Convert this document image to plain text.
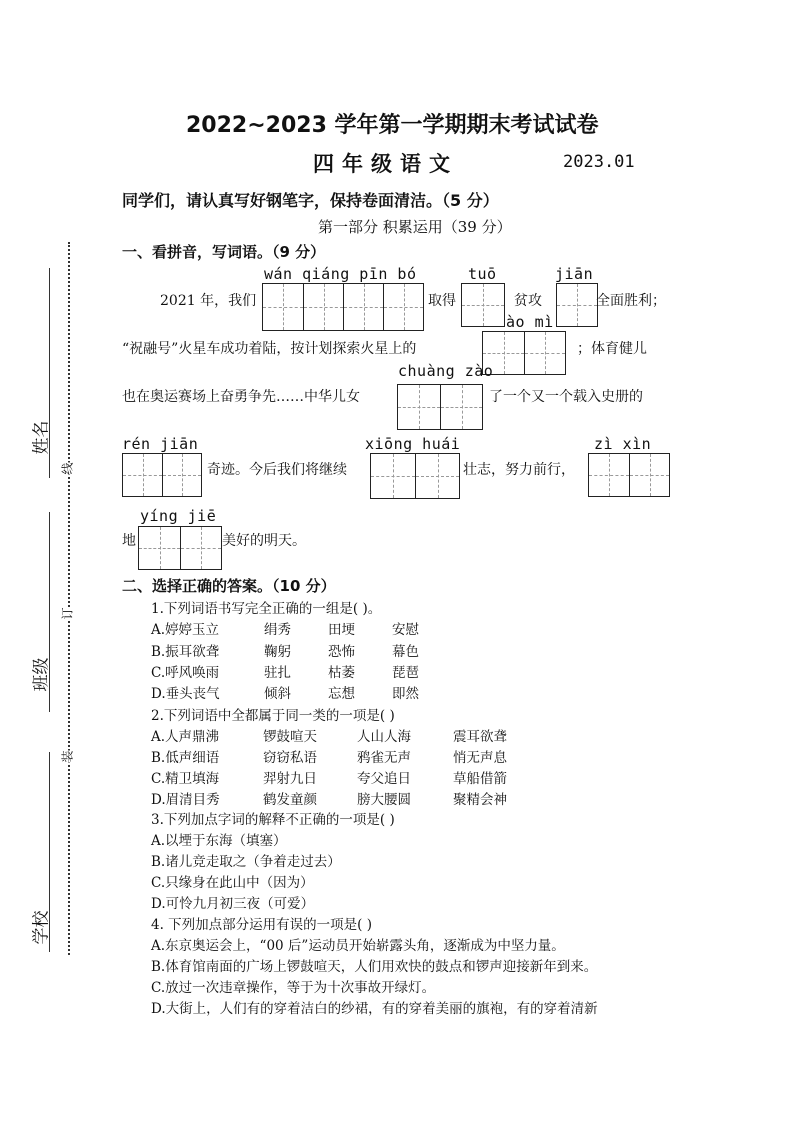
线
订
装
姓名
班级
学校
2022~2023 学年第一学期期末考试试卷
四年级语文	2023.01
同学们，请认真写好钢笔字，保持卷面清洁。（5 分）
第一部分 积累运用（39 分）
一、看拼音，写词语。（9 分）
wán qiáng pīn bó	tuō	jiān
2021 年，我们	取得	贫攻	全面胜利；
ào mì
“祝融号”火星车成功着陆，按计划探索火星上的	；体育健儿
chuàng zào
也在奥运赛场上奋勇争先……中华儿女	了一个又一个载入史册的
rén jiān	xiōng huái	zì xìn
奇迹。今后我们将继续	壮志，努力前行，
yíng jiē
地	美好的明天。
二、选择正确的答案。（10 分）
1.下列词语书写完全正确的一组是( )。
A.婷婷玉立	绢秀	田埂	安慰
B.振耳欲聋	鞠躬	恐怖	幕色
C.呼风唤雨	驻扎	枯萎	琵琶
D.垂头丧气	倾斜	忘想	即然
2.下列词语中全都属于同一类的一项是( )
A.人声鼎沸	锣鼓喧天	人山人海	震耳欲聋
B.低声细语	窃窃私语	鸦雀无声	悄无声息
C.精卫填海	羿射九日	夸父追日	草船借箭
D.眉清目秀	鹤发童颜	膀大腰圆	聚精会神
3.下列加点字词的解释不正确的一项是( )
A.以堙于东海（填塞）
B.诸儿竞走取之（争着走过去）
C.只缘身在此山中（因为）
D.可怜九月初三夜（可爱）
4. 下列加点部分运用有误的一项是( )
A.东京奥运会上，“00 后”运动员开始崭露头角，逐渐成为中坚力量。
B.体育馆南面的广场上锣鼓喧天，人们用欢快的鼓点和锣声迎接新年到来。
C.放过一次违章操作，等于为十次事故开绿灯。
D.大街上，人们有的穿着洁白的纱裙，有的穿着美丽的旗袍，有的穿着清新
